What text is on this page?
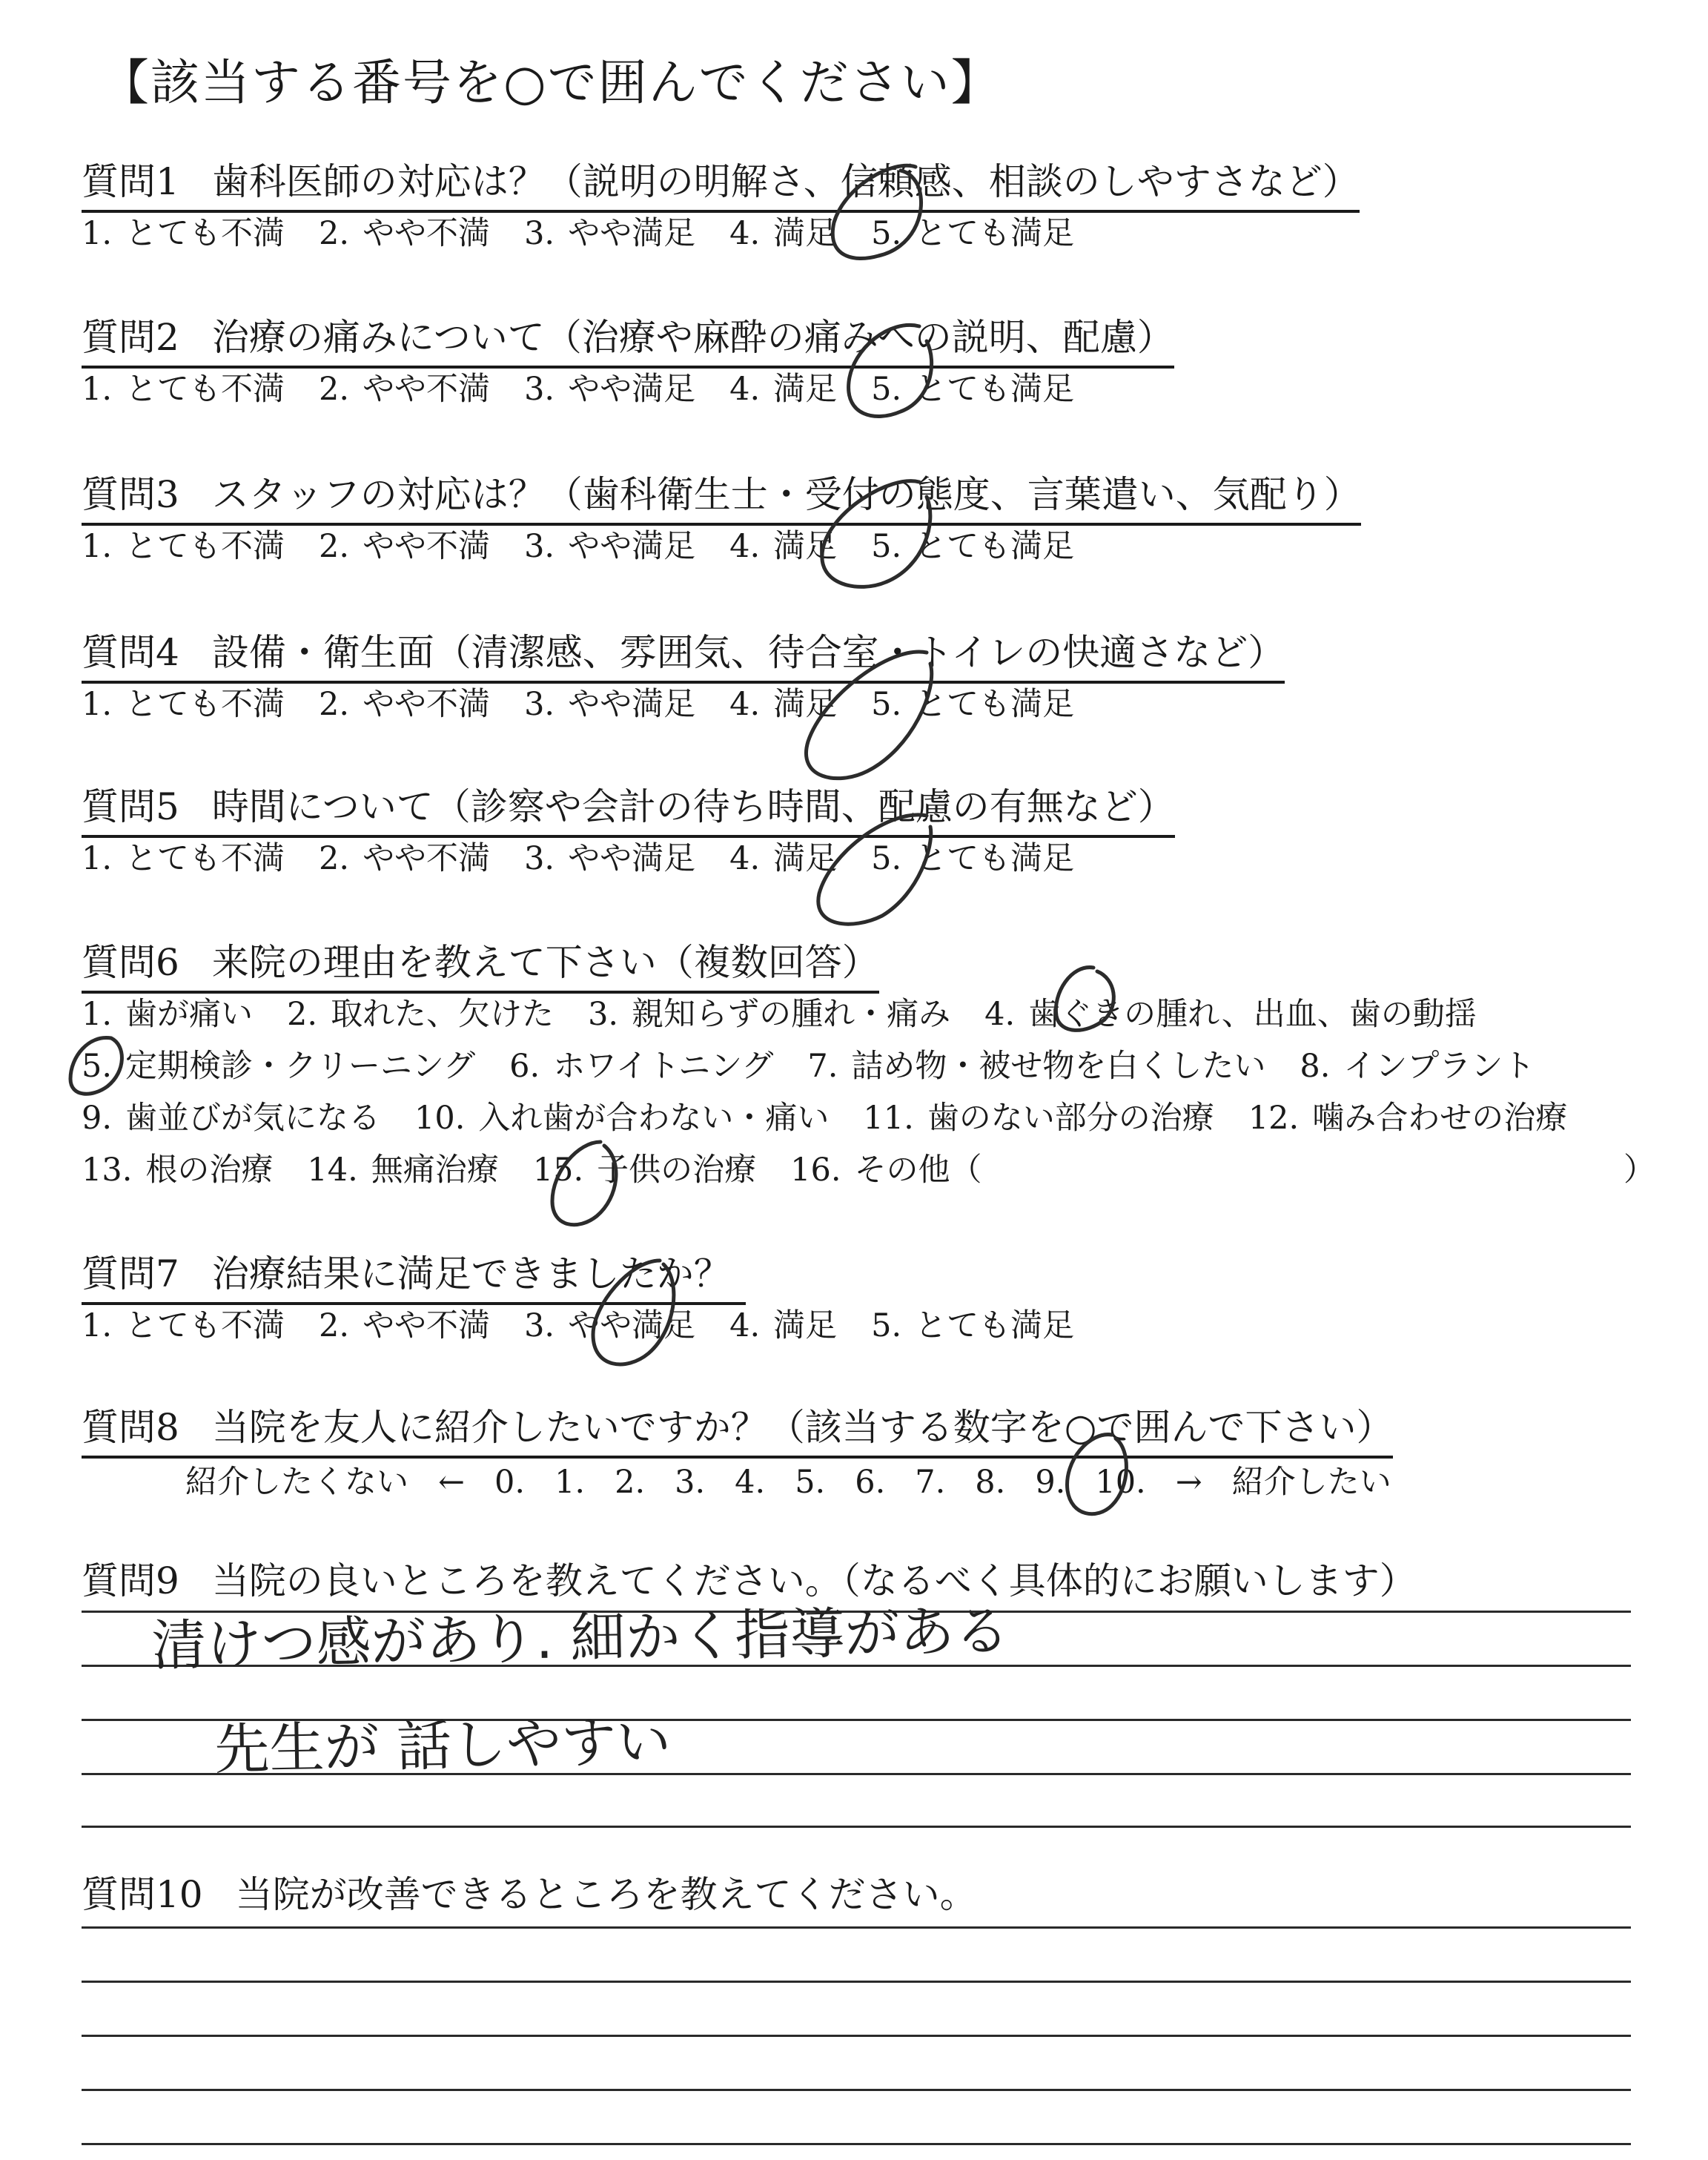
【該当する番号を○で囲んでください】
質問1 歯科医師の対応は？（説明の明解さ、信頼感、相談のしやすさなど）
1. とても不満 2. やや不満 3. やや満足 4. 満足 5. とても満足
質問2 治療の痛みについて（治療や麻酔の痛みへの説明、配慮）
1. とても不満 2. やや不満 3. やや満足 4. 満足 5. とても満足
質問3 スタッフの対応は？（歯科衛生士・受付の態度、言葉遣い、気配り）
1. とても不満 2. やや不満 3. やや満足 4. 満足 5. とても満足
質問4 設備・衛生面（清潔感、雰囲気、待合室・トイレの快適さなど）
1. とても不満 2. やや不満 3. やや満足 4. 満足 5. とても満足
質問5 時間について（診察や会計の待ち時間、配慮の有無など）
1. とても不満 2. やや不満 3. やや満足 4. 満足 5. とても満足
質問6 来院の理由を教えて下さい（複数回答）
1. 歯が痛い 2. 取れた、欠けた 3. 親知らずの腫れ・痛み 4. 歯ぐきの腫れ、出血、歯の動揺
5. 定期検診・クリーニング 6. ホワイトニング 7. 詰め物・被せ物を白くしたい 8. インプラント
9. 歯並びが気になる 10. 入れ歯が合わない・痛い 11. 歯のない部分の治療 12. 噛み合わせの治療
13. 根の治療 14. 無痛治療 15. 子供の治療 16. その他（	）
質問7 治療結果に満足できましたか？
1. とても不満 2. やや不満 3. やや満足 4. 満足 5. とても満足
質問8 当院を友人に紹介したいですか？（該当する数字を○で囲んで下さい）
紹介したくない ← 0. 1. 2. 3. 4. 5. 6. 7. 8. 9. 10. → 紹介したい
質問9 当院の良いところを教えてください。（なるべく具体的にお願いします）
質問10 当院が改善できるところを教えてください。
清けつ感があり. 細かく指導がある
先生が 話しやすい
